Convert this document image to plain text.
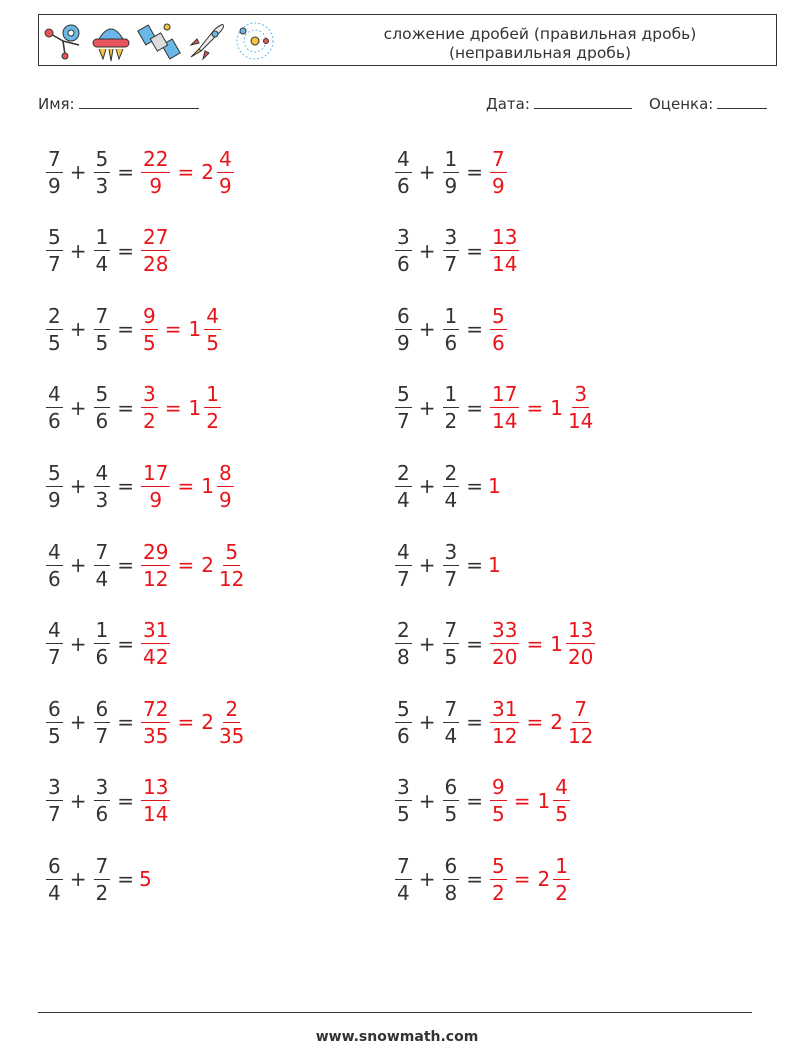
сложение дробей (правильная дробь)
(неправильная дробь)
Имя:	Дата:	Оценка:
$\frac{7}{9} + \frac{5}{3} = \frac{22}{9} = 2 \frac{4}{9}$
$\frac{5}{7} + \frac{1}{4} = \frac{27}{28}$
$\frac{2}{5} + \frac{7}{5} = \frac{9}{5} = 1 \frac{4}{5}$
$\frac{4}{6} + \frac{5}{6} = \frac{3}{2} = 1 \frac{1}{2}$
$\frac{5}{9} + \frac{4}{3} = \frac{17}{9} = 1 \frac{8}{9}$
$\frac{4}{6} + \frac{7}{4} = \frac{29}{12} = 2 \frac{5}{12}$
$\frac{4}{7} + \frac{1}{6} = \frac{31}{42}$
$\frac{6}{5} + \frac{6}{7} = \frac{72}{35} = 2 \frac{2}{35}$
$\frac{3}{7} + \frac{3}{6} = \frac{13}{14}$
$\frac{6}{4} + \frac{7}{2} = 5$
$\frac{4}{6} + \frac{1}{9} = \frac{7}{9}$
$\frac{3}{6} + \frac{3}{7} = \frac{13}{14}$
$\frac{6}{9} + \frac{1}{6} = \frac{5}{6}$
$\frac{5}{7} + \frac{1}{2} = \frac{17}{14} = 1 \frac{3}{14}$
$\frac{2}{4} + \frac{2}{4} = 1$
$\frac{4}{7} + \frac{3}{7} = 1$
$\frac{2}{8} + \frac{7}{5} = \frac{33}{20} = 1 \frac{13}{20}$
$\frac{5}{6} + \frac{7}{4} = \frac{31}{12} = 2 \frac{7}{12}$
$\frac{3}{5} + \frac{6}{5} = \frac{9}{5} = 1 \frac{4}{5}$
$\frac{7}{4} + \frac{6}{8} = \frac{5}{2} = 2 \frac{1}{2}$
www.snowmath.com
